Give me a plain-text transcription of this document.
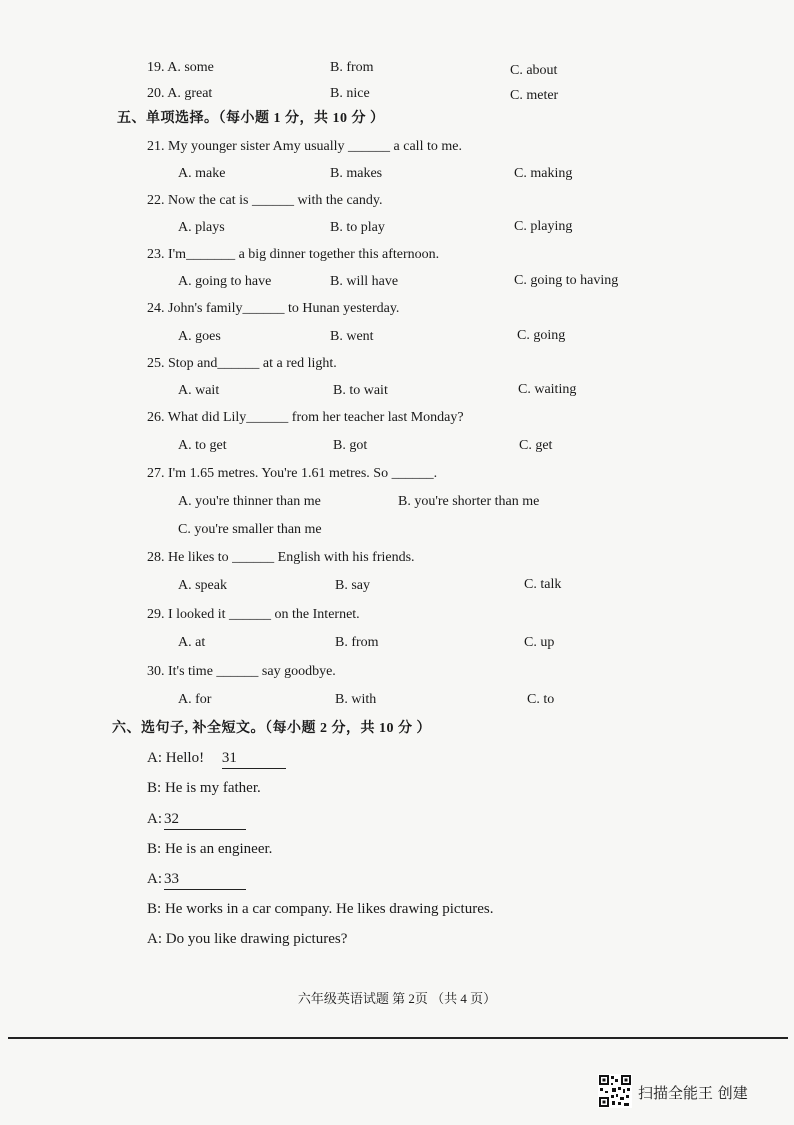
19. A. some	B. from	C. about
20. A. great	B. nice	C. meter
五、单项选择。（每小题 1 分，共 10 分 ）
21. My younger sister Amy usually ______ a call to me.
A. make	B. makes	C. making
22. Now the cat is ______ with the candy.
A. plays	B. to play	C. playing
23. I'm_______ a big dinner together this afternoon.
A. going to have	B. will have	C. going to having
24. John's family______ to Hunan yesterday.
A. goes	B. went	C. going
25. Stop and______ at a red light.
A. wait	B. to wait	C. waiting
26. What did Lily______ from her teacher last Monday?
A. to get	B. got	C. get
27. I'm 1.65 metres. You're 1.61 metres. So ______.
A. you're thinner than me	B. you're shorter than me
C. you're smaller than me
28. He likes to ______ English with his friends.
A. speak	B. say	C. talk
29. I looked it ______ on the Internet.
A. at	B. from	C. up
30. It's time ______ say goodbye.
A. for	B. with	C. to
六、选句子, 补全短文。（每小题 2 分，共 10 分 ）
A: Hello! 31
B: He is my father.
A: 32
B: He is an engineer.
A: 33
B: He works in a car company. He likes drawing pictures.
A: Do you like drawing pictures?
六年级英语试题 第 2页 （共 4 页）
扫描全能王 创建
